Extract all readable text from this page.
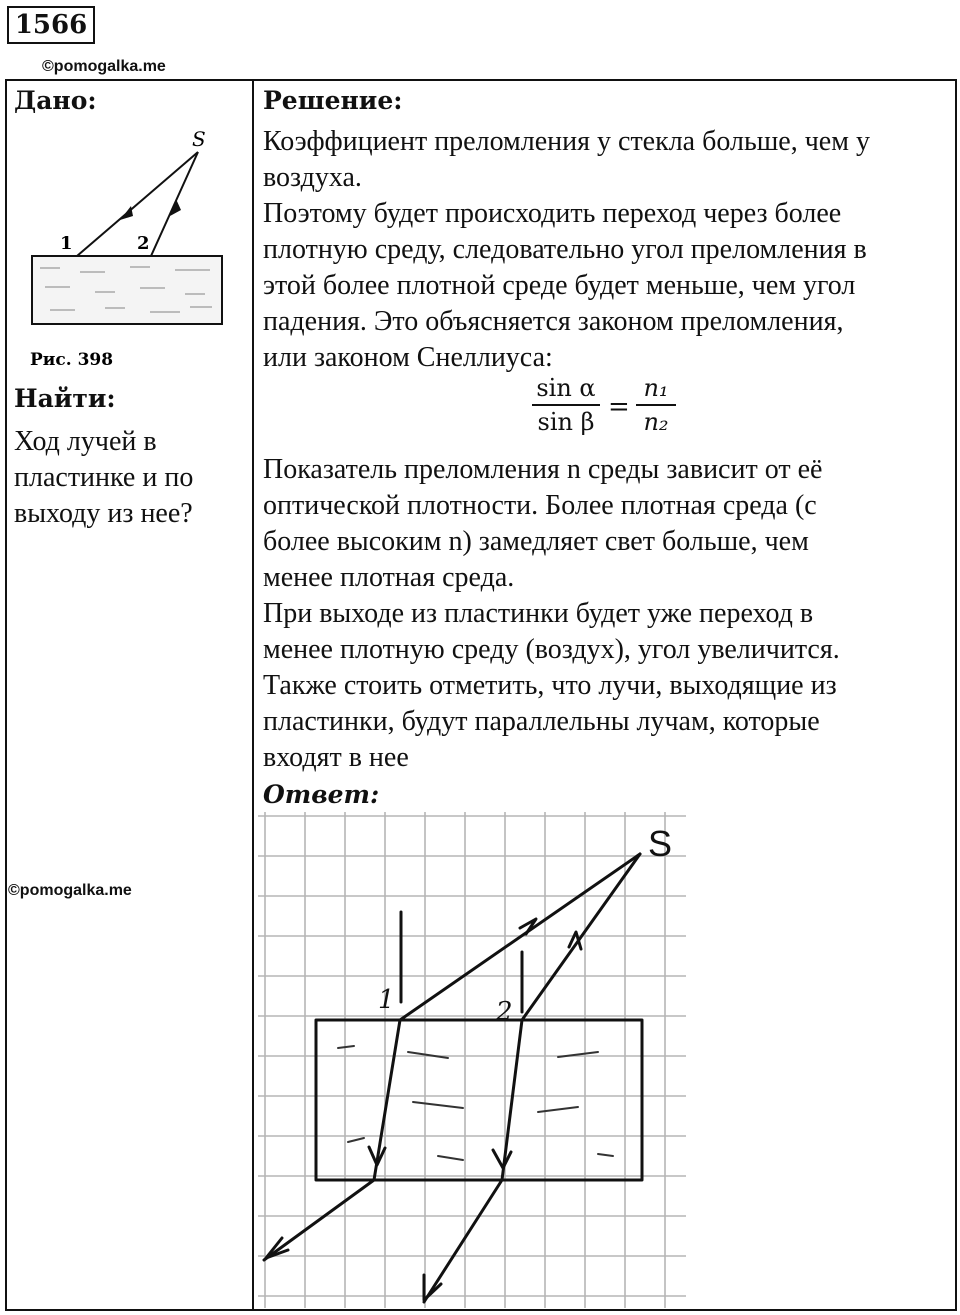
1566
©pomogalka.me
Дано:
S
1	2
Рис. 398
Найти:
Ход лучей в
пластинке и по
выходу из нее?
©pomogalka.me
Решение:
Коэффициент преломления у стекла больше, чем у
воздуха.
Поэтому будет происходить переход через более
плотную среду, следовательно угол преломления в
этой более плотной среде будет меньше, чем угол
падения. Это объясняется законом преломления,
или законом Снеллиуса:
$\frac{\text{sin α}}{\text{sin β}} = \frac{\text{n₁}}{\text{n₂}}$
Показатель преломления n среды зависит от её
оптической плотности. Более плотная среда (с
более высоким n) замедляет свет больше, чем
менее плотная среда.
При выходе из пластинки будет уже переход в
менее плотную среду (воздух), угол увеличится.
Также стоить отметить, что лучи, выходящие из
пластинки, будут параллельны лучам, которые
входят в нее
Ответ:
S
1	2
